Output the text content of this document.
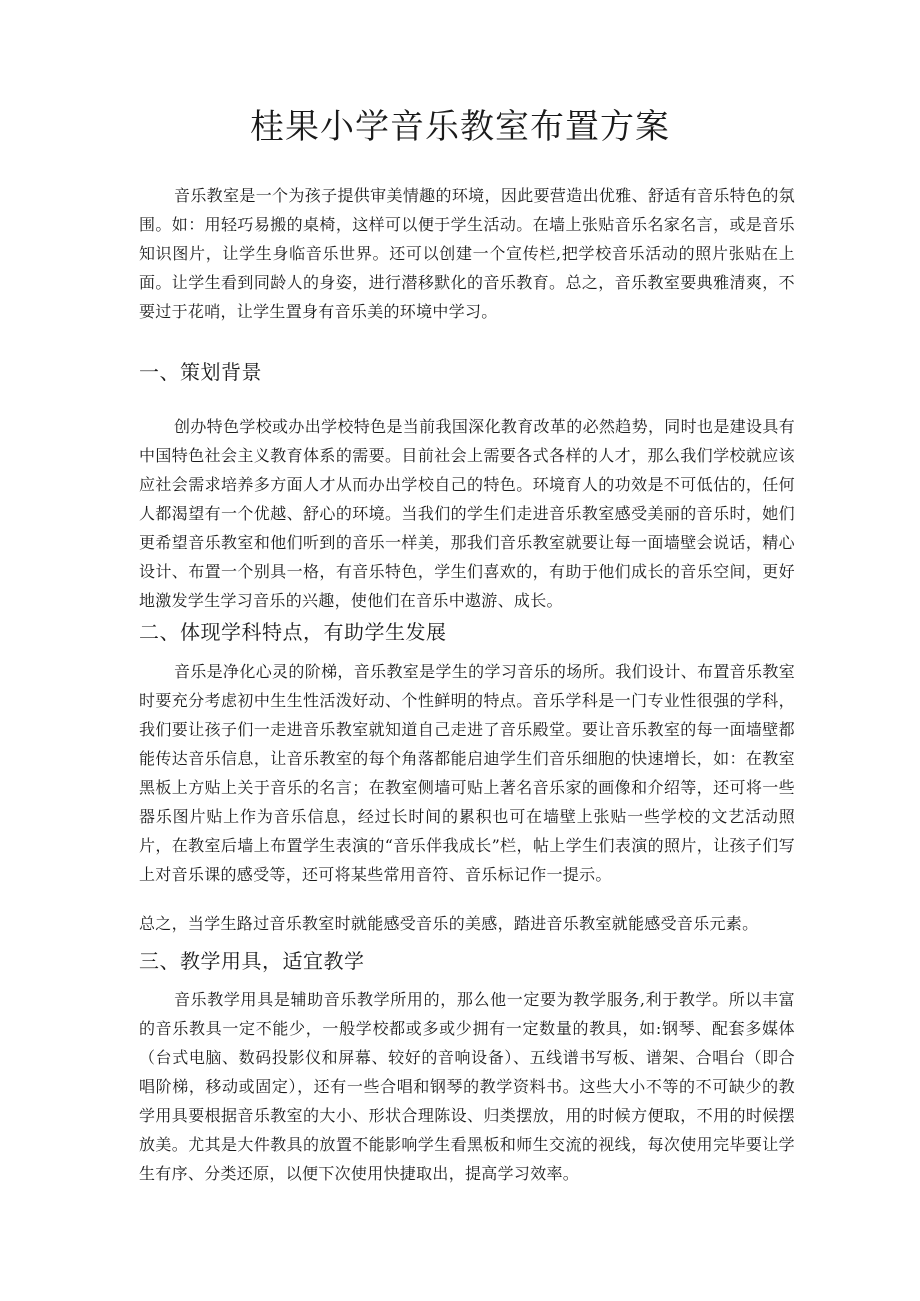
桂果小学音乐教室布置方案

音乐教室是一个为孩子提供审美情趣的环境，因此要营造出优雅、舒适有音乐特色的氛围。如：用轻巧易搬的桌椅，这样可以便于学生活动。在墙上张贴音乐名家名言，或是音乐知识图片，让学生身临音乐世界。还可以创建一个宣传栏,把学校音乐活动的照片张贴在上面。让学生看到同龄人的身姿，进行潜移默化的音乐教育。总之，音乐教室要典雅清爽，不要过于花哨，让学生置身有音乐美的环境中学习。

一、策划背景

创办特色学校或办出学校特色是当前我国深化教育改革的必然趋势，同时也是建设具有中国特色社会主义教育体系的需要。目前社会上需要各式各样的人才，那么我们学校就应该应社会需求培养多方面人才从而办出学校自己的特色。环境育人的功效是不可低估的，任何人都渴望有一个优越、舒心的环境。当我们的学生们走进音乐教室感受美丽的音乐时，她们更希望音乐教室和他们听到的音乐一样美，那我们音乐教室就要让每一面墙壁会说话，精心设计、布置一个别具一格，有音乐特色，学生们喜欢的，有助于他们成长的音乐空间，更好地激发学生学习音乐的兴趣，使他们在音乐中遨游、成长。

二、体现学科特点，有助学生发展

音乐是净化心灵的阶梯，音乐教室是学生的学习音乐的场所。我们设计、布置音乐教室时要充分考虑初中生生性活泼好动、个性鲜明的特点。音乐学科是一门专业性很强的学科，我们要让孩子们一走进音乐教室就知道自己走进了音乐殿堂。要让音乐教室的每一面墙壁都能传达音乐信息，让音乐教室的每个角落都能启迪学生们音乐细胞的快速增长，如：在教室黑板上方贴上关于音乐的名言；在教室侧墙可贴上著名音乐家的画像和介绍等，还可将一些器乐图片贴上作为音乐信息，经过长时间的累积也可在墙壁上张贴一些学校的文艺活动照片，在教室后墙上布置学生表演的“音乐伴我成长”栏，帖上学生们表演的照片，让孩子们写上对音乐课的感受等，还可将某些常用音符、音乐标记作一提示。

总之，当学生路过音乐教室时就能感受音乐的美感，踏进音乐教室就能感受音乐元素。

三、教学用具，适宜教学

音乐教学用具是辅助音乐教学所用的，那么他一定要为教学服务,利于教学。所以丰富的音乐教具一定不能少，一般学校都或多或少拥有一定数量的教具，如:钢琴、配套多媒体（台式电脑、数码投影仪和屏幕、较好的音响设备）、五线谱书写板、谱架、合唱台（即合唱阶梯，移动或固定），还有一些合唱和钢琴的教学资料书。这些大小不等的不可缺少的教学用具要根据音乐教室的大小、形状合理陈设、归类摆放，用的时候方便取，不用的时候摆放美。尤其是大件教具的放置不能影响学生看黑板和师生交流的视线，每次使用完毕要让学生有序、分类还原，以便下次使用快捷取出，提高学习效率。
